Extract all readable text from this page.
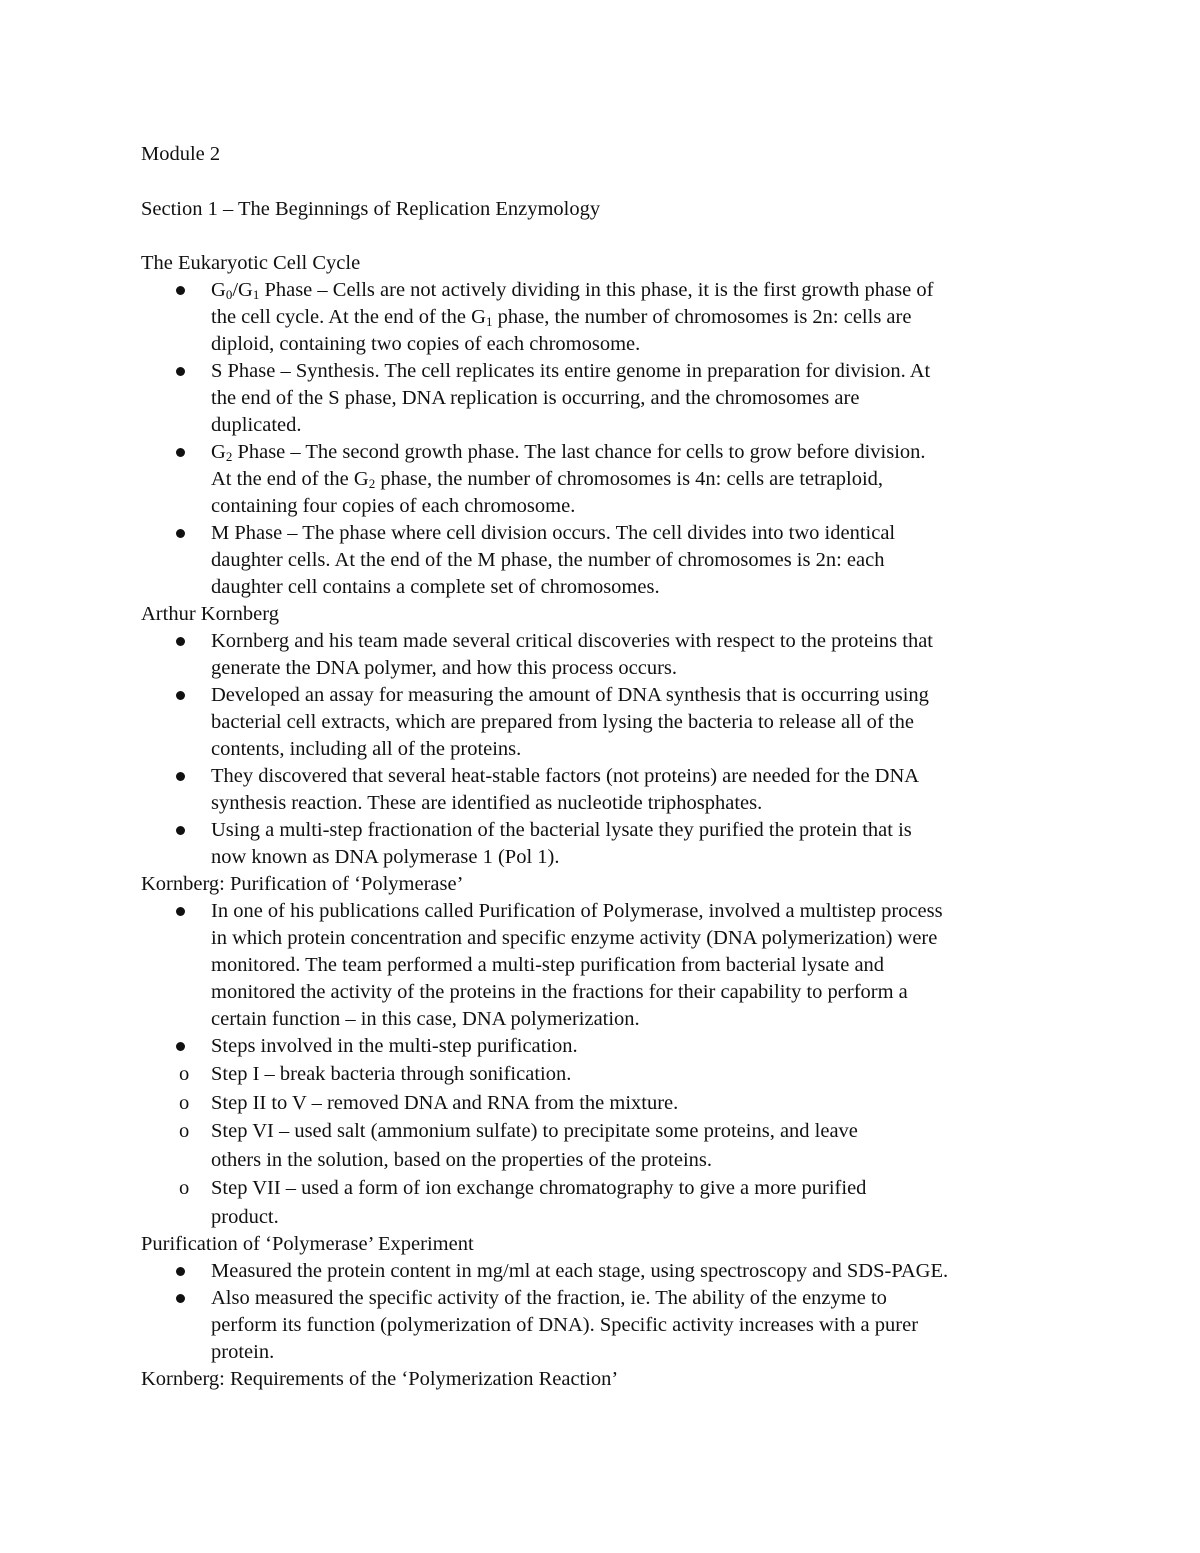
Module 2
Section 1 – The Beginnings of Replication Enzymology
The Eukaryotic Cell Cycle
$G_0/G_1$ Phase – Cells are not actively dividing in this phase, it is the first growth phase of
the cell cycle. At the end of the $G_1$ phase, the number of chromosomes is 2n: cells are
diploid, containing two copies of each chromosome.
S Phase – Synthesis. The cell replicates its entire genome in preparation for division. At
the end of the S phase, DNA replication is occurring, and the chromosomes are
duplicated.
$G_2$ Phase – The second growth phase. The last chance for cells to grow before division.
At the end of the $G_2$ phase, the number of chromosomes is 4n: cells are tetraploid,
containing four copies of each chromosome.
M Phase – The phase where cell division occurs. The cell divides into two identical
daughter cells. At the end of the M phase, the number of chromosomes is 2n: each
daughter cell contains a complete set of chromosomes.
Arthur Kornberg
Kornberg and his team made several critical discoveries with respect to the proteins that
generate the DNA polymer, and how this process occurs.
Developed an assay for measuring the amount of DNA synthesis that is occurring using
bacterial cell extracts, which are prepared from lysing the bacteria to release all of the
contents, including all of the proteins.
They discovered that several heat-stable factors (not proteins) are needed for the DNA
synthesis reaction. These are identified as nucleotide triphosphates.
Using a multi-step fractionation of the bacterial lysate they purified the protein that is
now known as DNA polymerase 1 (Pol 1).
Kornberg: Purification of ‘Polymerase’
In one of his publications called Purification of Polymerase, involved a multistep process
in which protein concentration and specific enzyme activity (DNA polymerization) were
monitored. The team performed a multi-step purification from bacterial lysate and
monitored the activity of the proteins in the fractions for their capability to perform a
certain function – in this case, DNA polymerization.
Steps involved in the multi-step purification.
o Step I – break bacteria through sonification.
o Step II to V – removed DNA and RNA from the mixture.
o Step VI – used salt (ammonium sulfate) to precipitate some proteins, and leave
others in the solution, based on the properties of the proteins.
o Step VII – used a form of ion exchange chromatography to give a more purified
product.
Purification of ‘Polymerase’ Experiment
Measured the protein content in mg/ml at each stage, using spectroscopy and SDS-PAGE.
Also measured the specific activity of the fraction, ie. The ability of the enzyme to
perform its function (polymerization of DNA). Specific activity increases with a purer
protein.
Kornberg: Requirements of the ‘Polymerization Reaction’
